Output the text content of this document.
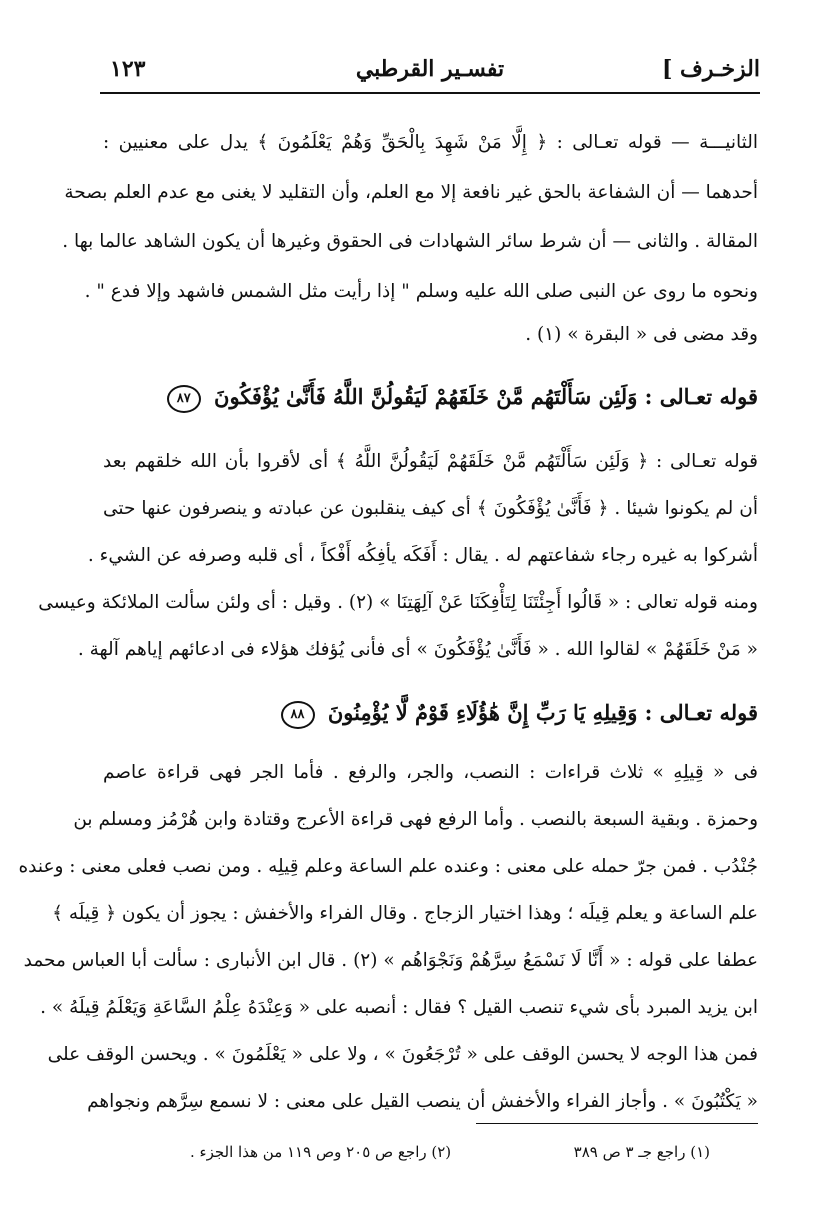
الزخـرف ]
تفسـير القرطبي
١٢٣
الثانيـــة — قوله تعـالى : ﴿ إِلَّا مَنْ شَهِدَ بِالْحَقِّ وَهُمْ يَعْلَمُونَ ﴾ يدل على معنيين :
أحدهما — أن الشفاعة بالحق غير نافعة إلا مع العلم، وأن التقليد لا يغنى مع عدم العلم بصحة
المقالة . والثانى — أن شرط سائر الشهادات فى الحقوق وغيرها أن يكون الشاهد عالما بها .
ونحوه ما روى عن النبى صلى الله عليه وسلم " إذا رأيت مثل الشمس فاشهد وإلا فدع " .
وقد مضى فى « البقرة » (١) .
قوله تعـالى : وَلَئِن سَأَلْتَهُم مَّنْ خَلَقَهُمْ لَيَقُولُنَّ اللَّهُ فَأَنَّىٰ يُؤْفَكُونَ ٨٧
قوله تعـالى : ﴿ وَلَئِن سَأَلْتَهُم مَّنْ خَلَقَهُمْ لَيَقُولُنَّ اللَّهُ ﴾ أى لأقروا بأن الله خلقهم بعد
أن لم يكونوا شيئا . ﴿ فَأَنَّىٰ يُؤْفَكُونَ ﴾ أى كيف ينقلبون عن عبادته و ينصرفون عنها حتى
أشركوا به غيره رجاء شفاعتهم له . يقال : أَفَكَه يأفِكُه أَفْكاً ، أى قلبه وصرفه عن الشيء .
ومنه قوله تعالى : « قَالُوا أَجِئْتَنَا لِتَأْفِكَنَا عَنْ آلِهَتِنَا » (٢) . وقيل : أى ولئن سألت الملائكة وعيسى
« مَنْ خَلَقَهُمْ » لقالوا الله . « فَأَنَّىٰ يُؤْفَكُونَ » أى فأنى يُؤفك هؤلاء فى ادعائهم إياهم آلهة .
قوله تعـالى : وَقِيلِهِ يَا رَبِّ إِنَّ هَٰؤُلَاءِ قَوْمٌ لَّا يُؤْمِنُونَ ٨٨
فى « قِيلِهِ » ثلاث قراءات : النصب، والجر، والرفع . فأما الجر فهى قراءة عاصم
وحمزة . وبقية السبعة بالنصب . وأما الرفع فهى قراءة الأعرج وقتادة وابن هُرْمُز ومسلم بن
جُنْدُب . فمن جرّ حمله على معنى : وعنده علم الساعة وعلم قِيلِه . ومن نصب فعلى معنى : وعنده
علم الساعة و يعلم قِيلَه ؛ وهذا اختيار الزجاج . وقال الفراء والأخفش : يجوز أن يكون ﴿ قِيلَه ﴾
عطفا على قوله : « أَنَّا لَا نَسْمَعُ سِرَّهُمْ وَنَجْوَاهُم » (٢) . قال ابن الأنبارى : سألت أبا العباس محمد
ابن يزيد المبرد بأى شيء تنصب القيل ؟ فقال : أنصبه على « وَعِنْدَهُ عِلْمُ السَّاعَةِ وَيَعْلَمُ قِيلَهُ » .
فمن هذا الوجه لا يحسن الوقف على « تُرْجَعُونَ » ، ولا على « يَعْلَمُونَ » . ويحسن الوقف على
« يَكْتُبُونَ » . وأجاز الفراء والأخفش أن ينصب القيل على معنى : لا نسمع سِرَّهم ونجواهم
(١) راجع جـ ٣ ص ٣٨٩
(٢) راجع ص ٢٠٥ وص ١١٩ من هذا الجزء .
